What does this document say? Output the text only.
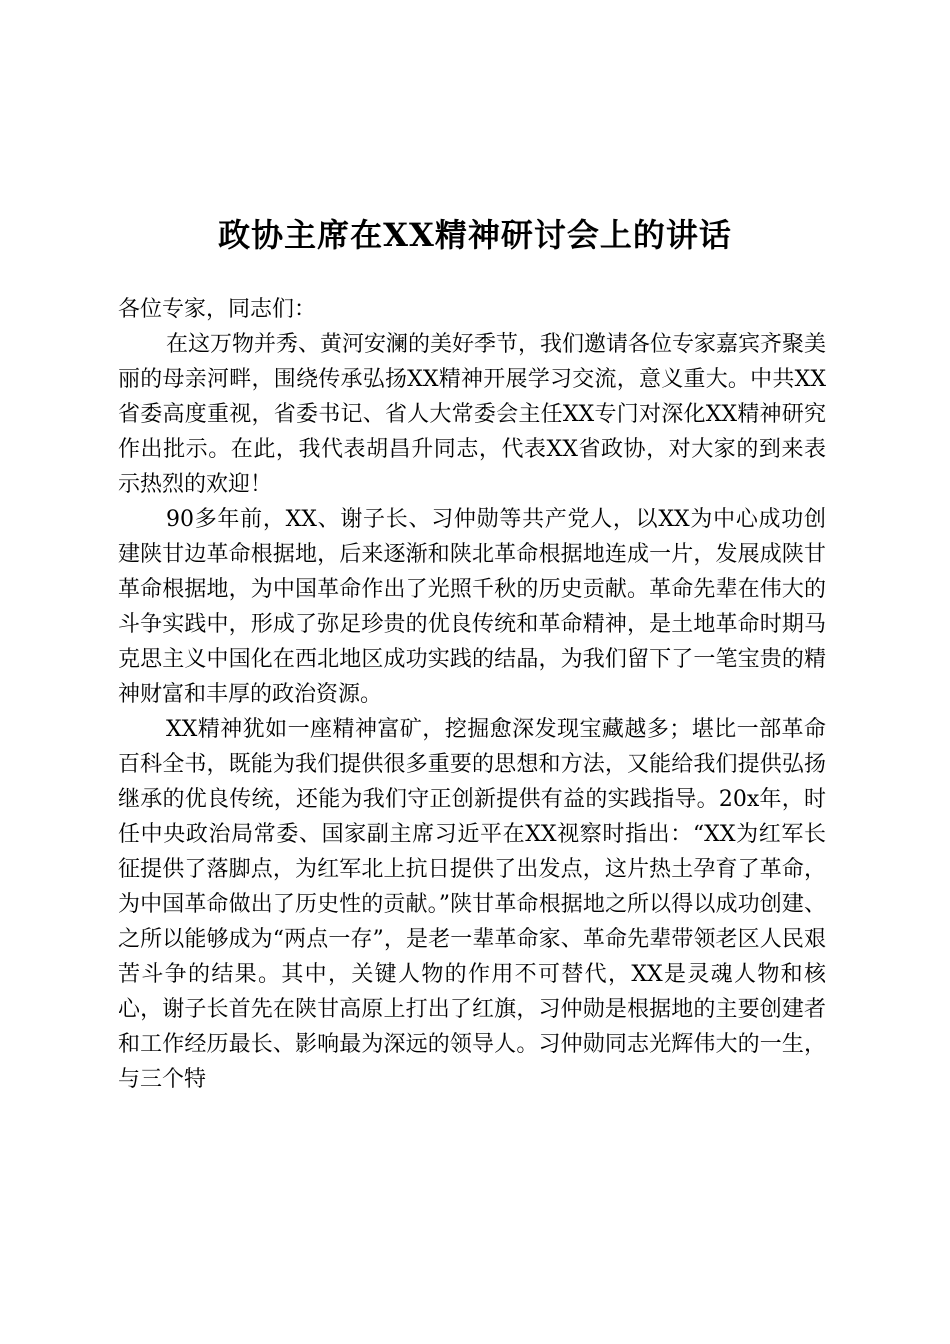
政协主席在XX精神研讨会上的讲话

各位专家，同志们：

在这万物并秀、黄河安澜的美好季节，我们邀请各位专家嘉宾齐聚美丽的母亲河畔，围绕传承弘扬XX精神开展学习交流，意义重大。中共XX省委高度重视，省委书记、省人大常委会主任XX专门对深化XX精神研究作出批示。在此，我代表胡昌升同志，代表XX省政协，对大家的到来表示热烈的欢迎！

90多年前，XX、谢子长、习仲勋等共产党人，以XX为中心成功创建陕甘边革命根据地，后来逐渐和陕北革命根据地连成一片，发展成陕甘革命根据地，为中国革命作出了光照千秋的历史贡献。革命先辈在伟大的斗争实践中，形成了弥足珍贵的优良传统和革命精神，是土地革命时期马克思主义中国化在西北地区成功实践的结晶，为我们留下了一笔宝贵的精神财富和丰厚的政治资源。

XX精神犹如一座精神富矿，挖掘愈深发现宝藏越多；堪比一部革命百科全书，既能为我们提供很多重要的思想和方法，又能给我们提供弘扬继承的优良传统，还能为我们守正创新提供有益的实践指导。20x年，时任中央政治局常委、国家副主席习近平在XX视察时指出：“XX为红军长征提供了落脚点，为红军北上抗日提供了出发点，这片热土孕育了革命，为中国革命做出了历史性的贡献。”陕甘革命根据地之所以得以成功创建、之所以能够成为“两点一存”，是老一辈革命家、革命先辈带领老区人民艰苦斗争的结果。其中，关键人物的作用不可替代，XX是灵魂人物和核心，谢子长首先在陕甘高原上打出了红旗，习仲勋是根据地的主要创建者和工作经历最长、影响最为深远的领导人。习仲勋同志光辉伟大的一生，与三个特
